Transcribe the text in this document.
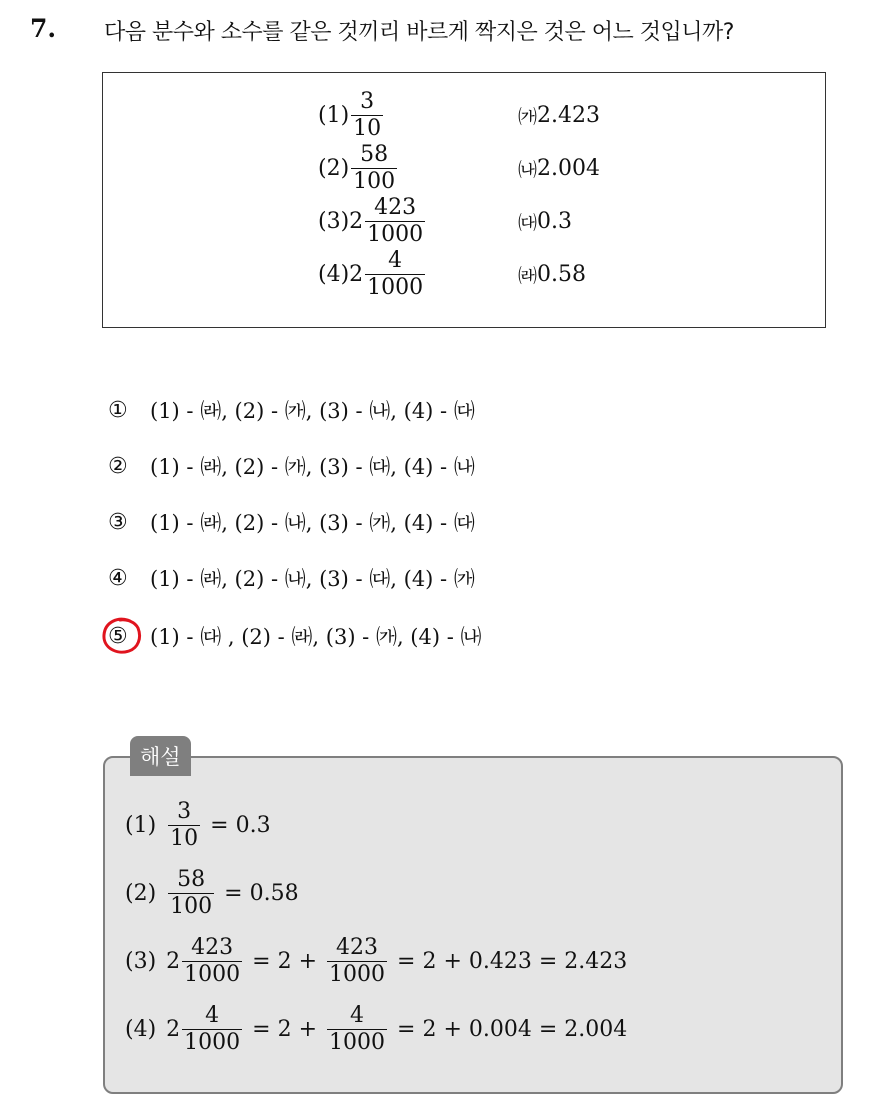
7. 다음 분수와 소수를 같은 것끼리 바르게 짝지은 것은 어느 것입니까?
$(1) \frac{3}{10}$	㈎ 2.423
$(2) \frac{58}{100}$	㈏ 2.004
(3) $2 \frac{423}{1000}$	㈐ 0.3
(4) $2 \frac{4}{1000}$	㈑ 0.58
①	(1) - ㈑, (2) - ㈎, (3) - ㈏, (4) - ㈐
②	(1) - ㈑, (2) - ㈎, (3) - ㈐, (4) - ㈏
③	(1) - ㈑, (2) - ㈏, (3) - ㈎, (4) - ㈐
④	(1) - ㈑, (2) - ㈏, (3) - ㈐, (4) - ㈎
⑤	(1) - ㈐ , (2) - ㈑, (3) - ㈎, (4) - ㈏
해설
$(1) \frac{3}{10} = 0.3$
$(2) \frac{58}{100} = 0.58$
(3) $2 \frac{423}{1000} = 2 + \frac{423}{1000} = 2 + 0.423 = 2.423$
(4) $2 \frac{4}{1000} = 2 + \frac{4}{1000} = 2 + 0.004 = 2.004$
